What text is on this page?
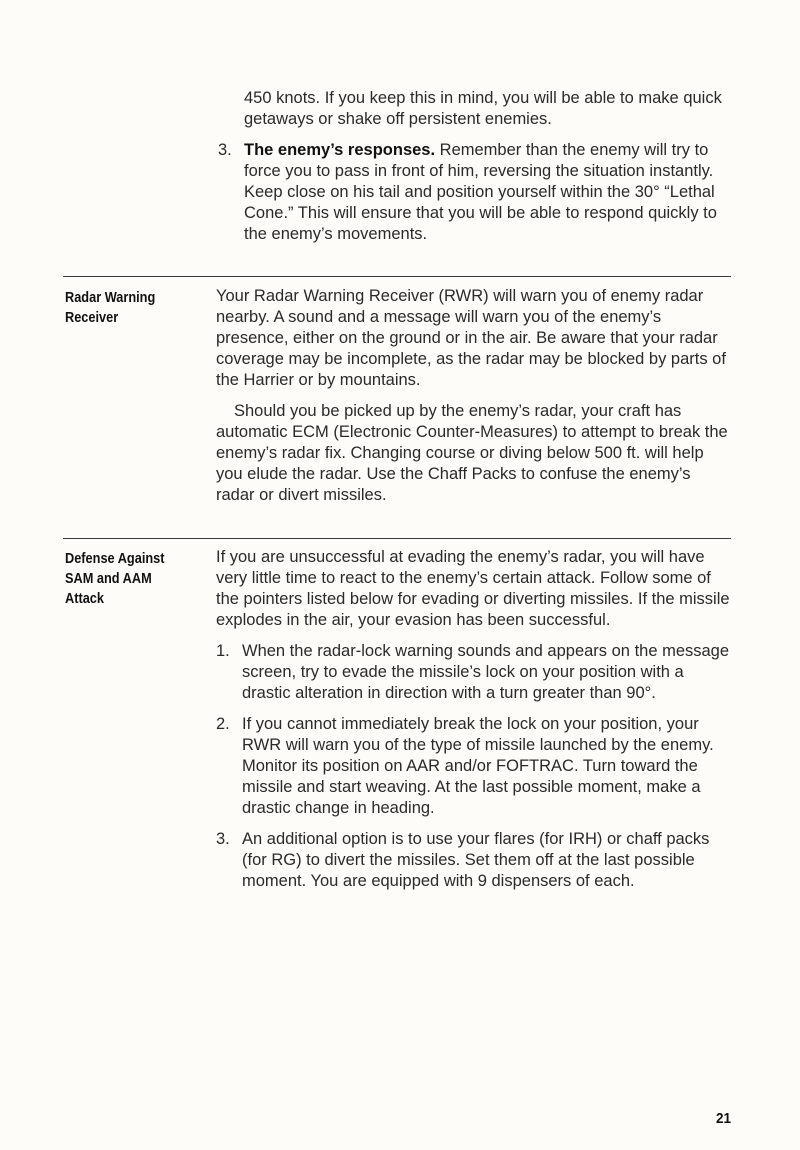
450 knots. If you keep this in mind, you will be able to make quick getaways or shake off persistent enemies.

3. The enemy’s responses. Remember than the enemy will try to force you to pass in front of him, reversing the situation instantly. Keep close on his tail and position yourself within the 30° “Lethal Cone.” This will ensure that you will be able to respond quickly to the enemy’s movements.
Radar Warning Receiver

Your Radar Warning Receiver (RWR) will warn you of enemy radar nearby. A sound and a message will warn you of the enemy’s presence, either on the ground or in the air. Be aware that your radar coverage may be incomplete, as the radar may be blocked by parts of the Harrier or by mountains.

Should you be picked up by the enemy’s radar, your craft has automatic ECM (Electronic Counter-Measures) to attempt to break the enemy’s radar fix. Changing course or diving below 500 ft. will help you elude the radar. Use the Chaff Packs to confuse the enemy’s radar or divert missiles.

Defense Against SAM and AAM Attack

If you are unsuccessful at evading the enemy’s radar, you will have very little time to react to the enemy’s certain attack. Follow some of the pointers listed below for evading or diverting missiles. If the missile explodes in the air, your evasion has been successful.

1. When the radar-lock warning sounds and appears on the message screen, try to evade the missile’s lock on your position with a drastic alteration in direction with a turn greater than 90°.
2. If you cannot immediately break the lock on your position, your RWR will warn you of the type of missile launched by the enemy. Monitor its position on AAR and/or FOFTRAC. Turn toward the missile and start weaving. At the last possible moment, make a drastic change in heading.
3. An additional option is to use your flares (for IRH) or chaff packs (for RG) to divert the missiles. Set them off at the last possible moment. You are equipped with 9 dispensers of each.
21
